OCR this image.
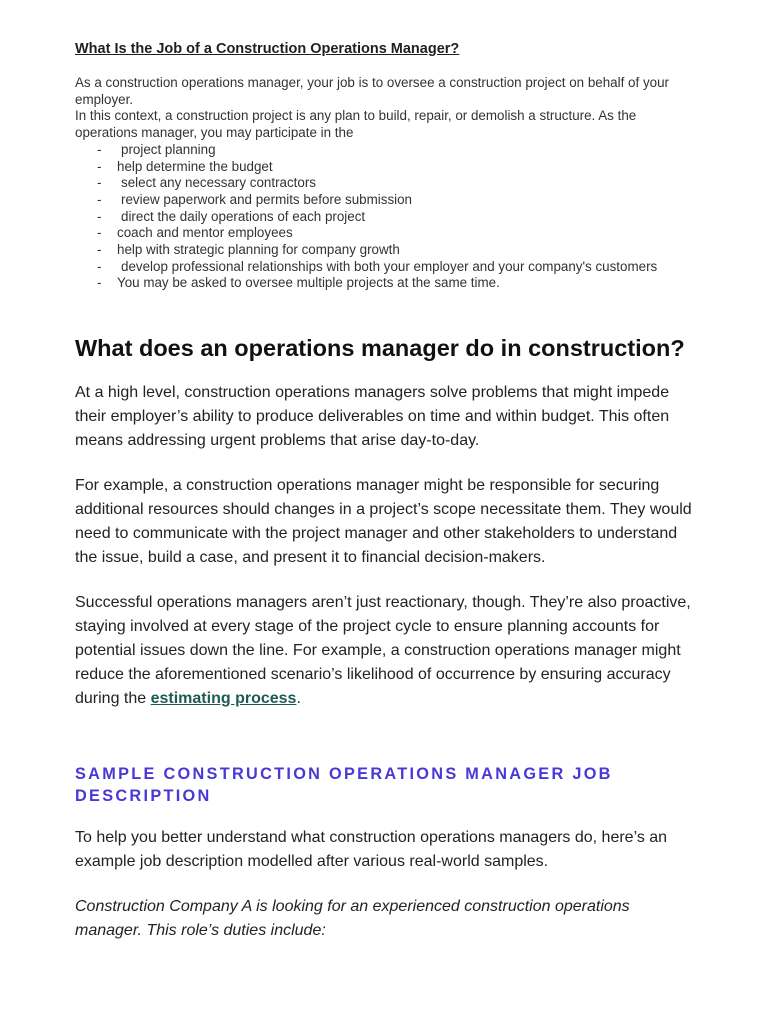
What Is the Job of a Construction Operations Manager?

As a construction operations manager, your job is to oversee a construction project on behalf of your employer.

In this context, a construction project is any plan to build, repair, or demolish a structure. As the operations manager, you may participate in the

- project planning
- help determine the budget
- select any necessary contractors
- review paperwork and permits before submission
- direct the daily operations of each project
- coach and mentor employees
- help with strategic planning for company growth
- develop professional relationships with both your employer and your company's customers
- You may be asked to oversee multiple projects at the same time.
What does an operations manager do in construction?

At a high level, construction operations managers solve problems that might impede their employer’s ability to produce deliverables on time and within budget. This often means addressing urgent problems that arise day-to-day.

For example, a construction operations manager might be responsible for securing additional resources should changes in a project’s scope necessitate them. They would need to communicate with the project manager and other stakeholders to understand the issue, build a case, and present it to financial decision-makers.

Successful operations managers aren’t just reactionary, though. They’re also proactive, staying involved at every stage of the project cycle to ensure planning accounts for potential issues down the line. For example, a construction operations manager might reduce the aforementioned scenario’s likelihood of occurrence by ensuring accuracy during the estimating process.

SAMPLE CONSTRUCTION OPERATIONS MANAGER JOB DESCRIPTION

To help you better understand what construction operations managers do, here’s an example job description modelled after various real-world samples.

Construction Company A is looking for an experienced construction operations manager. This role’s duties include:
